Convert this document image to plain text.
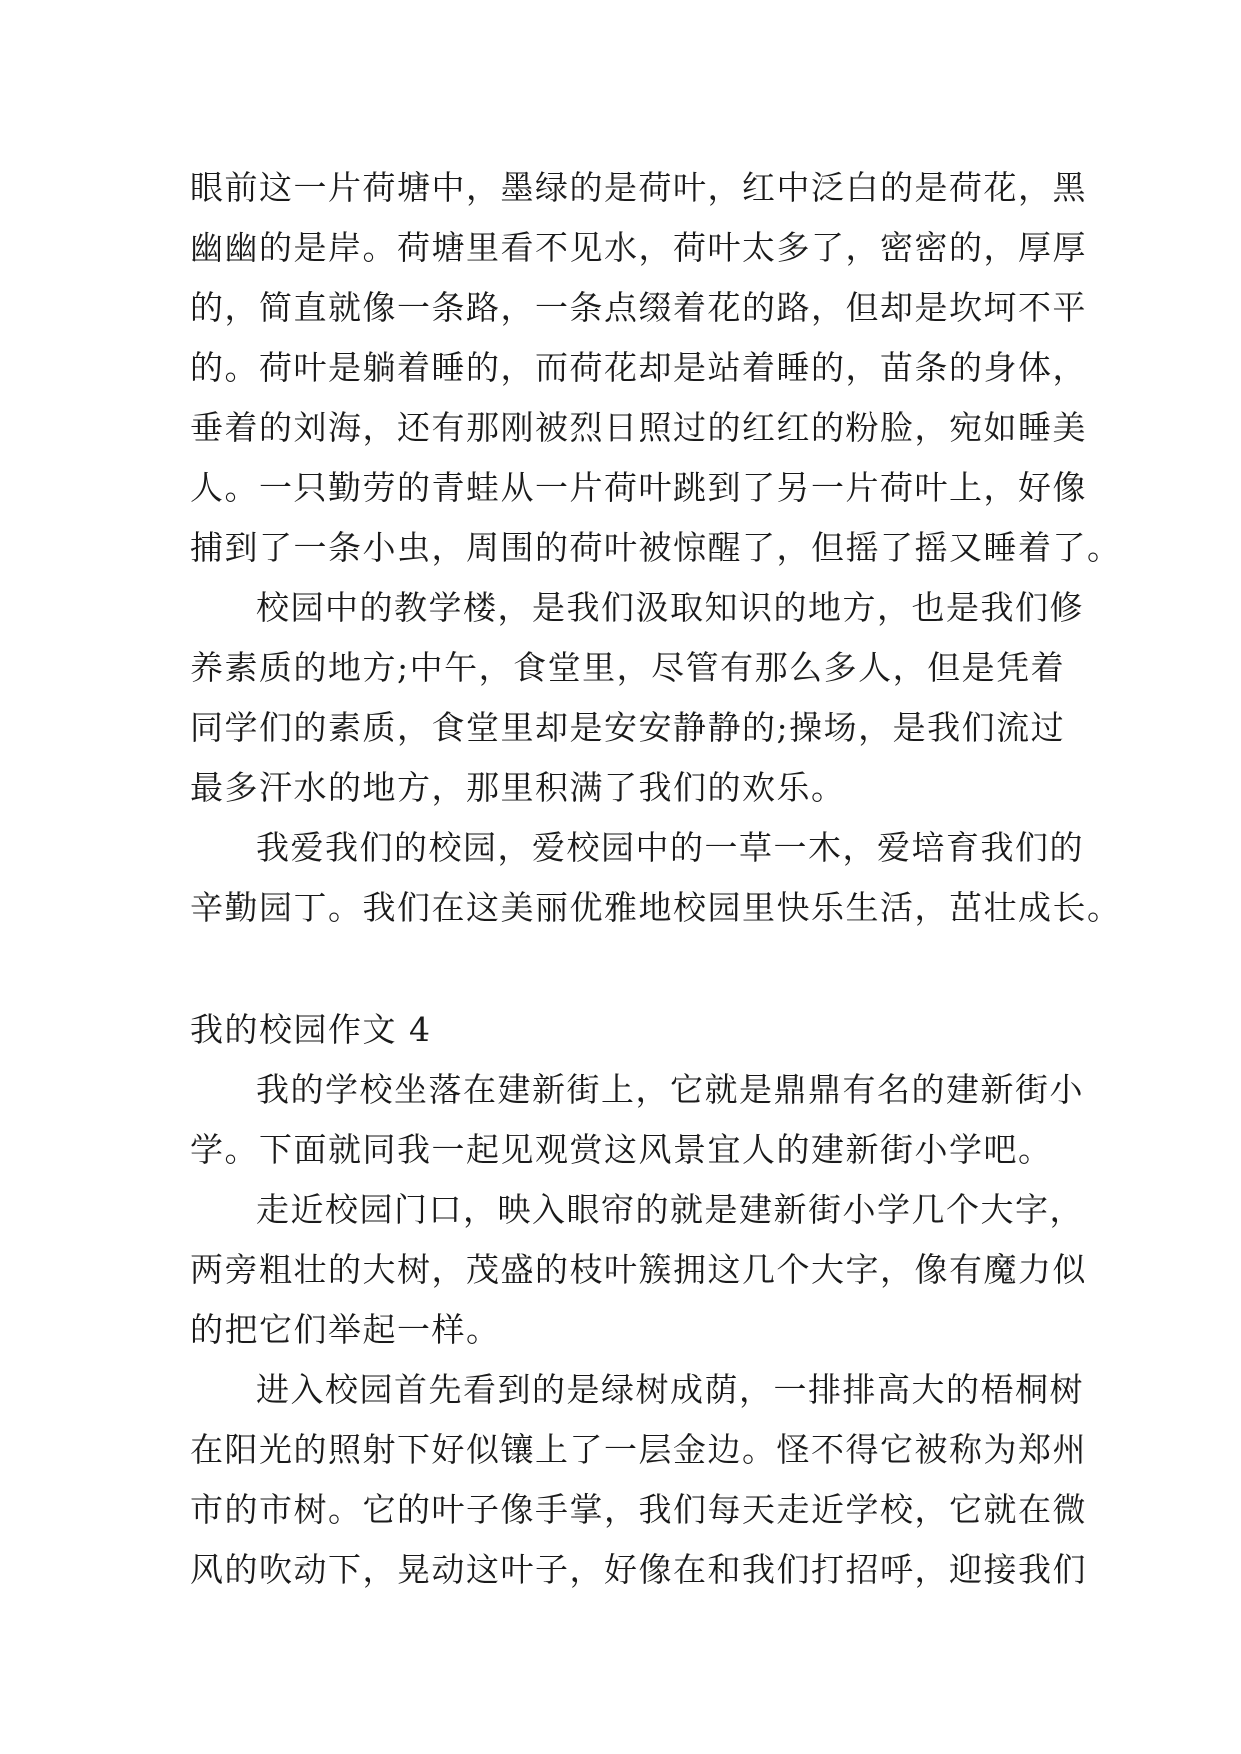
眼前这一片荷塘中，墨绿的是荷叶，红中泛白的是荷花，黑

幽幽的是岸。荷塘里看不见水，荷叶太多了，密密的，厚厚

的，简直就像一条路，一条点缀着花的路，但却是坎坷不平

的。荷叶是躺着睡的，而荷花却是站着睡的，苗条的身体，

垂着的刘海，还有那刚被烈日照过的红红的粉脸，宛如睡美

人。一只勤劳的青蛙从一片荷叶跳到了另一片荷叶上，好像

捕到了一条小虫，周围的荷叶被惊醒了，但摇了摇又睡着了。

校园中的教学楼，是我们汲取知识的地方，也是我们修

养素质的地方;中午，食堂里，尽管有那么多人，但是凭着

同学们的素质，食堂里却是安安静静的;操场，是我们流过

最多汗水的地方，那里积满了我们的欢乐。

我爱我们的校园，爱校园中的一草一木，爱培育我们的

辛勤园丁。我们在这美丽优雅地校园里快乐生活，茁壮成长。

我的校园作文 4

我的学校坐落在建新街上，它就是鼎鼎有名的建新街小

学。下面就同我一起见观赏这风景宜人的建新街小学吧。

走近校园门口，映入眼帘的就是建新街小学几个大字，

两旁粗壮的大树，茂盛的枝叶簇拥这几个大字，像有魔力似

的把它们举起一样。

进入校园首先看到的是绿树成荫，一排排高大的梧桐树

在阳光的照射下好似镶上了一层金边。怪不得它被称为郑州

市的市树。它的叶子像手掌，我们每天走近学校，它就在微

风的吹动下，晃动这叶子，好像在和我们打招呼，迎接我们
